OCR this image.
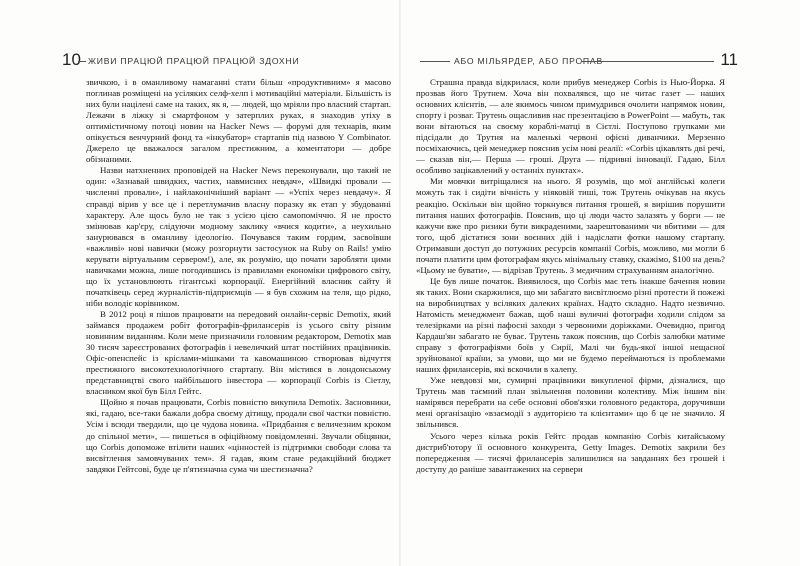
10 ЖИВИ ПРАЦЮЙ ПРАЦЮЙ ПРАЦЮЙ ЗДОХНИ	АБО МІЛЬЯРДЕР, АБО ПРОПАВ	11

звичкою, і в оманливому намаганні стати більш «продуктивним» я масово поглинав розміщені на усіляких селф-хелп і мотиваційні матеріали. Більшість із них були націлені саме на таких, як я, — людей, що мріяли про власний стартап. Лежачи в ліжку зі смартфоном у затерплих руках, я знаходив утіху в оптимістичному потоці новин на Hacker News — форумі для технарів, яким опікується венчурний фонд та «інкубатор» стартапів під назвою Y Combinator. Джерело це вважалося загалом престижним, а коментатори — добре обізнаними.

Назви натхненних проповідей на Hacker News переконували, що такий не один: «Зазнавай швидких, частих, навмисних невдач», «Швидкі провали — численні провали», і найлаконічніший варіант — «Успіх через невдачу». Я справді вірив у все це і перетлумачив власну поразку як етап у збудованні характеру. Але щось було не так з усією цією самопоміччю. Я не просто змінював кар'єру, слідуючи модному заклику «вчися кодити», а неухильно занурювався в оманливу ідеологію. Почувався таким гордим, засвоївши «важливі» нові навички (можу розгорнути застосунок на Ruby on Rails! умію керувати віртуальним сервером!), але, як розумію, що почати заробляти цими навичками можна, лише погодившись із правилами економіки цифрового світу, що їх установлюють гігантські корпорації. Енергійний власник сайту й початківець серед журналістів-підприємців — я був схожим на теля, що рідко, ніби володіє корівником.

В 2012 році я пішов працювати на передовий онлайн-сервіс Demotix, який займався продажем робіт фотографів-фрилансерів із усього світу різним новинним виданням. Коли мене призначили головним редактором, Demotix мав 30 тисяч зареєстрованих фотографів і невеличкий штат постійних працівників. Офіс-опенспейс із кріслами-мішками та кавомашиною створював відчуття престижного високотехнологічного стартапу. Він містився в лондонському представництві свого найбільшого інвестора — корпорації Corbis із Сіетлу, власником якої був Білл Гейтс.

Щойно я почав працювати, Corbis повністю викупила Demotix. Засновники, які, гадаю, все-таки бажали добра своєму дітищу, продали свої частки повністю. Усім і всюди твердили, що це чудова новина. «Придбання є величезним кроком до спільної мети», — пишеться в офіційному повідомленні. Звучали обіцянки, що Corbis допоможе втілити наших «цінностей із підтримки свободи слова та висвітлення замовчуваних тем». Я гадав, яким стане редакційний бюджет завдяки Гейтсові, буде це п'ятизначна сума чи шестизначна?

Страшна правда відкрилася, коли прибув менеджер Corbis із Нью-Йорка. Я прозвав його Трутнем. Хоча він похвалявся, що не читає газет — наших основних клієнтів, — але якимось чином примудрився очолити напрямок новин, спорту і розваг. Трутень ощасливив нас презентацією в PowerPoint — мабуть, так вони вітаються на своєму кораблі-матці в Сієтлі. Поступово групками ми підсідали до Трутня на маленькі червоні офісні диванчики. Мерзенно посміхаючись, цей менеджер пояснив усім нові реалії: «Corbis цікавлять дві речі,— сказав він,— Перша — гроші. Друга — підривні інновації. Гадаю, Білл особливо зацікавлений у останніх пунктах».

Ми мовчки витріщалися на нього. Я розумів, що мої англійські колеги можуть так і сидіти вічність у ніяковій тиші, тож Трутень очікував на якусь реакцію. Оскільки він щойно торкнувся питання грошей, я вирішив порушити питання наших фотографів. Пояснив, що ці люди часто залазять у борги — не кажучи вже про ризики бути викраденими, заарештованими чи вбитими — для того, щоб дістатися зони воєнних дій і надіслати фотки нашому стартапу. Отримавши доступ до потужних ресурсів компанії Corbis, можливо, ми могли б почати платити цим фотографам якусь мінімальну ставку, скажімо, $100 на день? «Цьому не бувати», — відрізав Трутень. З медичним страхуванням аналогічно.

Це був лише початок. Виявилося, що Corbis має теть інакше бачення новин як таких. Вони скаржилися, що ми забагато висвітлюємо різні протести й пожежі на виробництвах у всіляких далеких країнах. Надто складно. Надто незвично. Натомість менеджмент бажав, щоб наші вуличні фотографи ходили слідом за телезірками на різні пафосні заходи з червоними доріжками. Очевидно, пригод Кардаш'ян забагато не буває. Трутень також пояснив, що Corbis залюбки матиме справу з фотографіями боїв у Сирії, Малі чи будь-якої іншої нещасної зруйнованої країни, за умови, що ми не будемо переймаються із проблемами наших фрилансерів, які вскочили в халепу.

Уже невдовзі ми, сумирні працівники викупленої фірми, дізналися, що Трутень мав таємний план звільнення половини колективу. Між іншим він намірявся перебрати на себе основні обов'язки головного редактора, доручивши мені організацію «взаємодії з аудиторією та клієнтами» що б це не значило. Я звільнився.

Усього через кілька років Гейтс продав компанію Corbis китайському дистриб'ютору її основного конкурента, Getty Images. Demotix закрили без попередження — тисячі фрилансерів залишилися на завданнях без грошей і доступу до раніше завантажених на сервери
